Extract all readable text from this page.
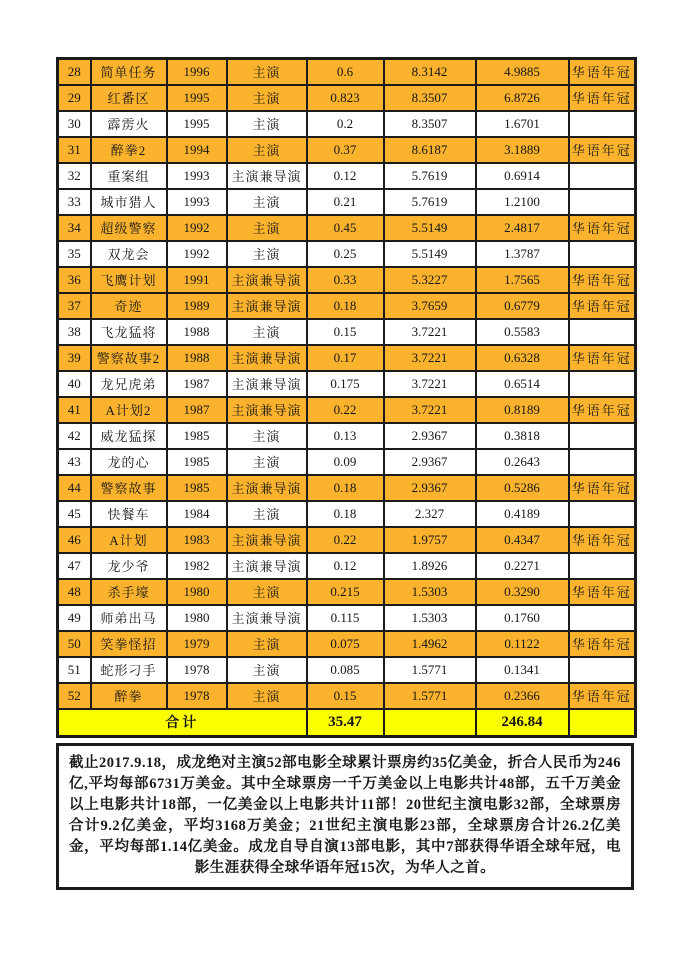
28	简单任务	1996	主演	0.6	8.3142	4.9885	华语年冠
29	红番区	1995	主演	0.823	8.3507	6.8726	华语年冠
30	霹雳火	1995	主演	0.2	8.3507	1.6701	
31	醉拳2	1994	主演	0.37	8.6187	3.1889	华语年冠
32	重案组	1993	主演兼导演	0.12	5.7619	0.6914	
33	城市猎人	1993	主演	0.21	5.7619	1.2100	
34	超级警察	1992	主演	0.45	5.5149	2.4817	华语年冠
35	双龙会	1992	主演	0.25	5.5149	1.3787	
36	飞鹰计划	1991	主演兼导演	0.33	5.3227	1.7565	华语年冠
37	奇迹	1989	主演兼导演	0.18	3.7659	0.6779	华语年冠
38	飞龙猛将	1988	主演	0.15	3.7221	0.5583	
39	警察故事2	1988	主演兼导演	0.17	3.7221	0.6328	华语年冠
40	龙兄虎弟	1987	主演兼导演	0.175	3.7221	0.6514	
41	A计划2	1987	主演兼导演	0.22	3.7221	0.8189	华语年冠
42	威龙猛探	1985	主演	0.13	2.9367	0.3818	
43	龙的心	1985	主演	0.09	2.9367	0.2643	
44	警察故事	1985	主演兼导演	0.18	2.9367	0.5286	华语年冠
45	快餐车	1984	主演	0.18	2.327	0.4189	
46	A计划	1983	主演兼导演	0.22	1.9757	0.4347	华语年冠
47	龙少爷	1982	主演兼导演	0.12	1.8926	0.2271	
48	杀手壕	1980	主演	0.215	1.5303	0.3290	华语年冠
49	师弟出马	1980	主演兼导演	0.115	1.5303	0.1760	
50	笑拳怪招	1979	主演	0.075	1.4962	0.1122	华语年冠
51	蛇形刁手	1978	主演	0.085	1.5771	0.1341	
52	醉拳	1978	主演	0.15	1.5771	0.2366	华语年冠
合计				35.47		246.84	

截止2017.9.18，成龙绝对主演52部电影全球累计票房约35亿美金，折合人民币为246亿,平均每部6731万美金。其中全球票房一千万美金以上电影共计48部，五千万美金以上电影共计18部，一亿美金以上电影共计11部！20世纪主演电影32部，全球票房合计9.2亿美金，平均3168万美金；21世纪主演电影23部，全球票房合计26.2亿美金，平均每部1.14亿美金。成龙自导自演13部电影，其中7部获得华语全球年冠，电影生涯获得全球华语年冠15次，为华人之首。
